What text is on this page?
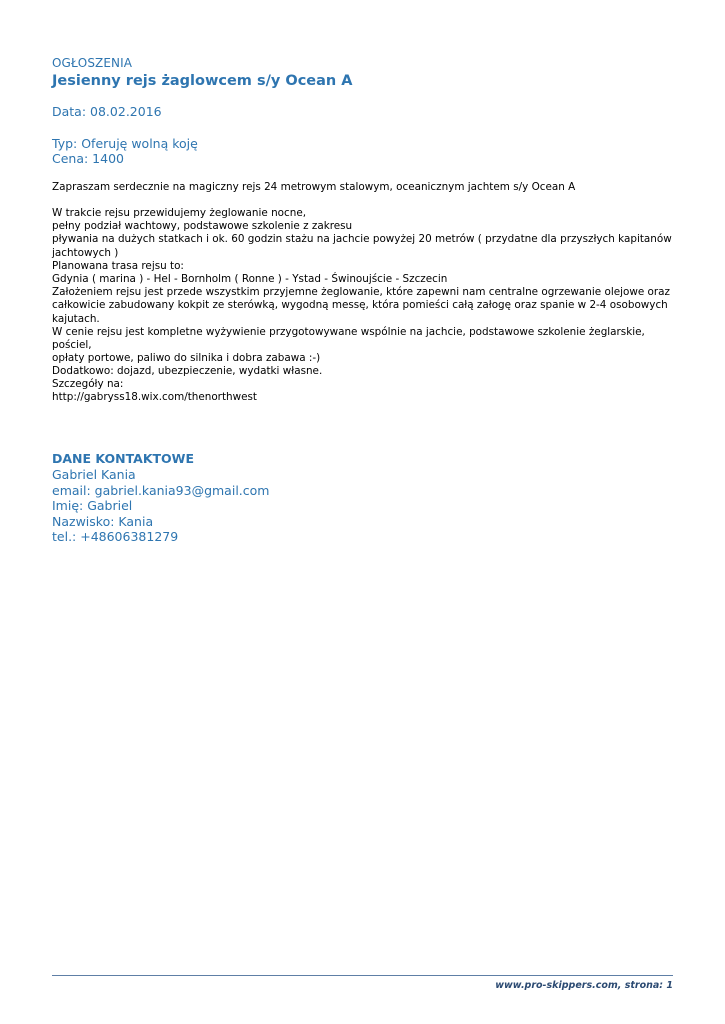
OGŁOSZENIA
Jesienny rejs żaglowcem s/y Ocean A
Data: 08.02.2016
Typ: Oferuję wolną koję
Cena: 1400
Zapraszam serdecznie na magiczny rejs 24 metrowym stalowym, oceanicznym jachtem s/y Ocean A
W trakcie rejsu przewidujemy żeglowanie nocne,
pełny podział wachtowy, podstawowe szkolenie z zakresu
pływania na dużych statkach i ok. 60 godzin stażu na jachcie powyżej 20 metrów ( przydatne dla przyszłych kapitanów
jachtowych )
Planowana trasa rejsu to:
Gdynia ( marina ) - Hel - Bornholm ( Ronne ) - Ystad - Świnoujście - Szczecin
Założeniem rejsu jest przede wszystkim przyjemne żeglowanie, które zapewni nam centralne ogrzewanie olejowe oraz
całkowicie zabudowany kokpit ze sterówką, wygodną messę, która pomieści całą załogę oraz spanie w 2-4 osobowych
kajutach.
W cenie rejsu jest kompletne wyżywienie przygotowywane wspólnie na jachcie, podstawowe szkolenie żeglarskie, pościel,
opłaty portowe, paliwo do silnika i dobra zabawa :-)
Dodatkowo: dojazd, ubezpieczenie, wydatki własne.
Szczegóły na:
http://gabryss18.wix.com/thenorthwest
DANE KONTAKTOWE
Gabriel Kania
email: gabriel.kania93@gmail.com
Imię: Gabriel
Nazwisko: Kania
tel.: +48606381279
www.pro-skippers.com, strona: 1
